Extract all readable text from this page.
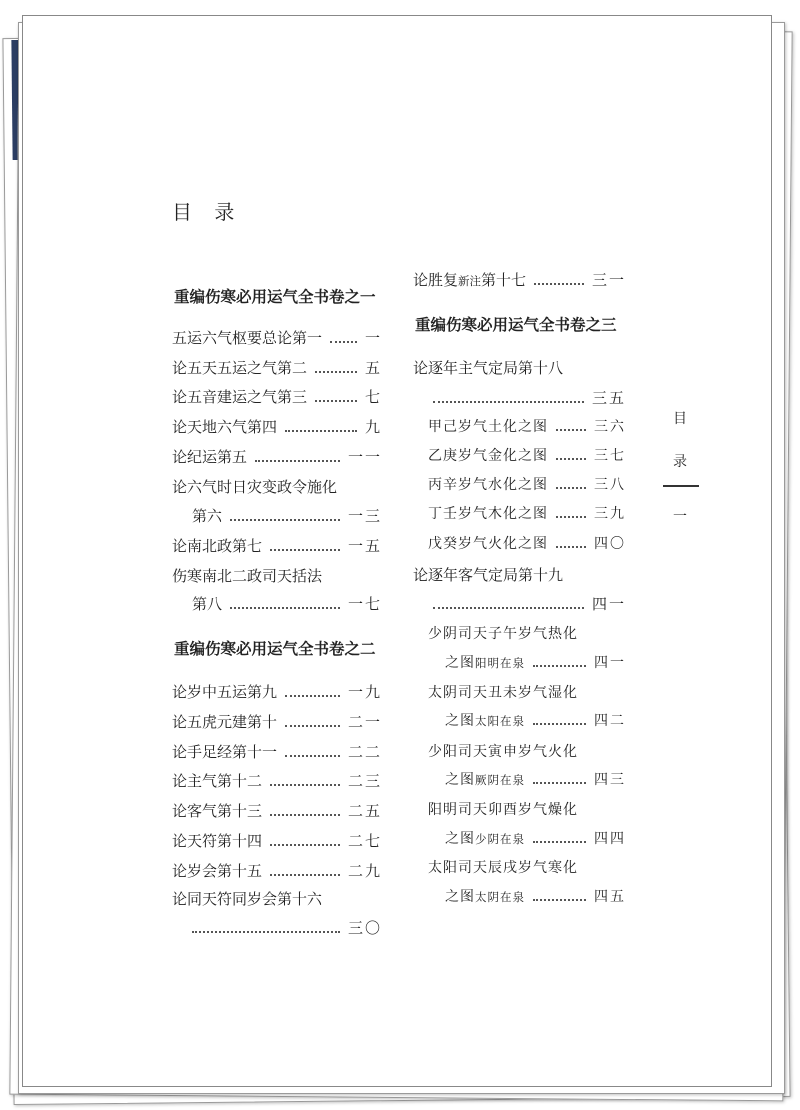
目 录
重编伤寒必用运气全书卷之一
五运六气枢要总论第一	一
论五天五运之气第二	五
论五音建运之气第三	七
论天地六气第四	九
论纪运第五	一一
论六气时日灾变政令施化
第六	一三
论南北政第七	一五
伤寒南北二政司天括法
第八	一七
重编伤寒必用运气全书卷之二
论岁中五运第九	一九
论五虎元建第十	二一
论手足经第十一	二二
论主气第十二	二三
论客气第十三	二五
论天符第十四	二七
论岁会第十五	二九
论同天符同岁会第十六
三〇
论胜复 新注 第十七	三一
重编伤寒必用运气全书卷之三
论逐年主气定局第十八
三五
甲己岁气土化之图	三六
乙庚岁气金化之图	三七
丙辛岁气水化之图	三八
丁壬岁气木化之图	三九
戊癸岁气火化之图	四〇
论逐年客气定局第十九
四一
少阴司天子午岁气热化
之图 阳明在泉	四一
太阴司天丑未岁气湿化
之图 太阳在泉	四二
少阳司天寅申岁气火化
之图 厥阴在泉	四三
阳明司天卯酉岁气燥化
之图 少阴在泉	四四
太阳司天辰戌岁气寒化
之图 太阴在泉	四五
目
录
一
